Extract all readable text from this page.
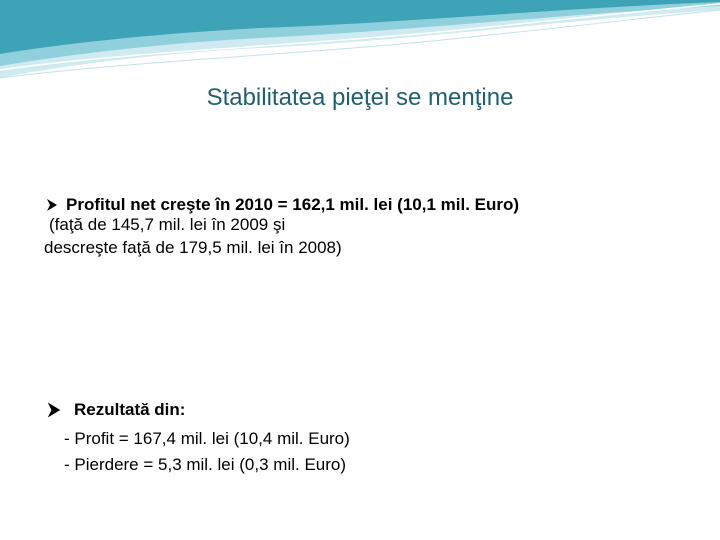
Stabilitatea pieţei se menţine
Profitul net creşte în 2010 = 162,1 mil. lei (10,1 mil. Euro)
(faţă de 145,7 mil. lei în 2009 şi
descreşte faţă de 179,5 mil. lei în 2008)
Rezultată din:
- Profit = 167,4 mil. lei (10,4 mil. Euro)
- Pierdere = 5,3 mil. lei (0,3 mil. Euro)
